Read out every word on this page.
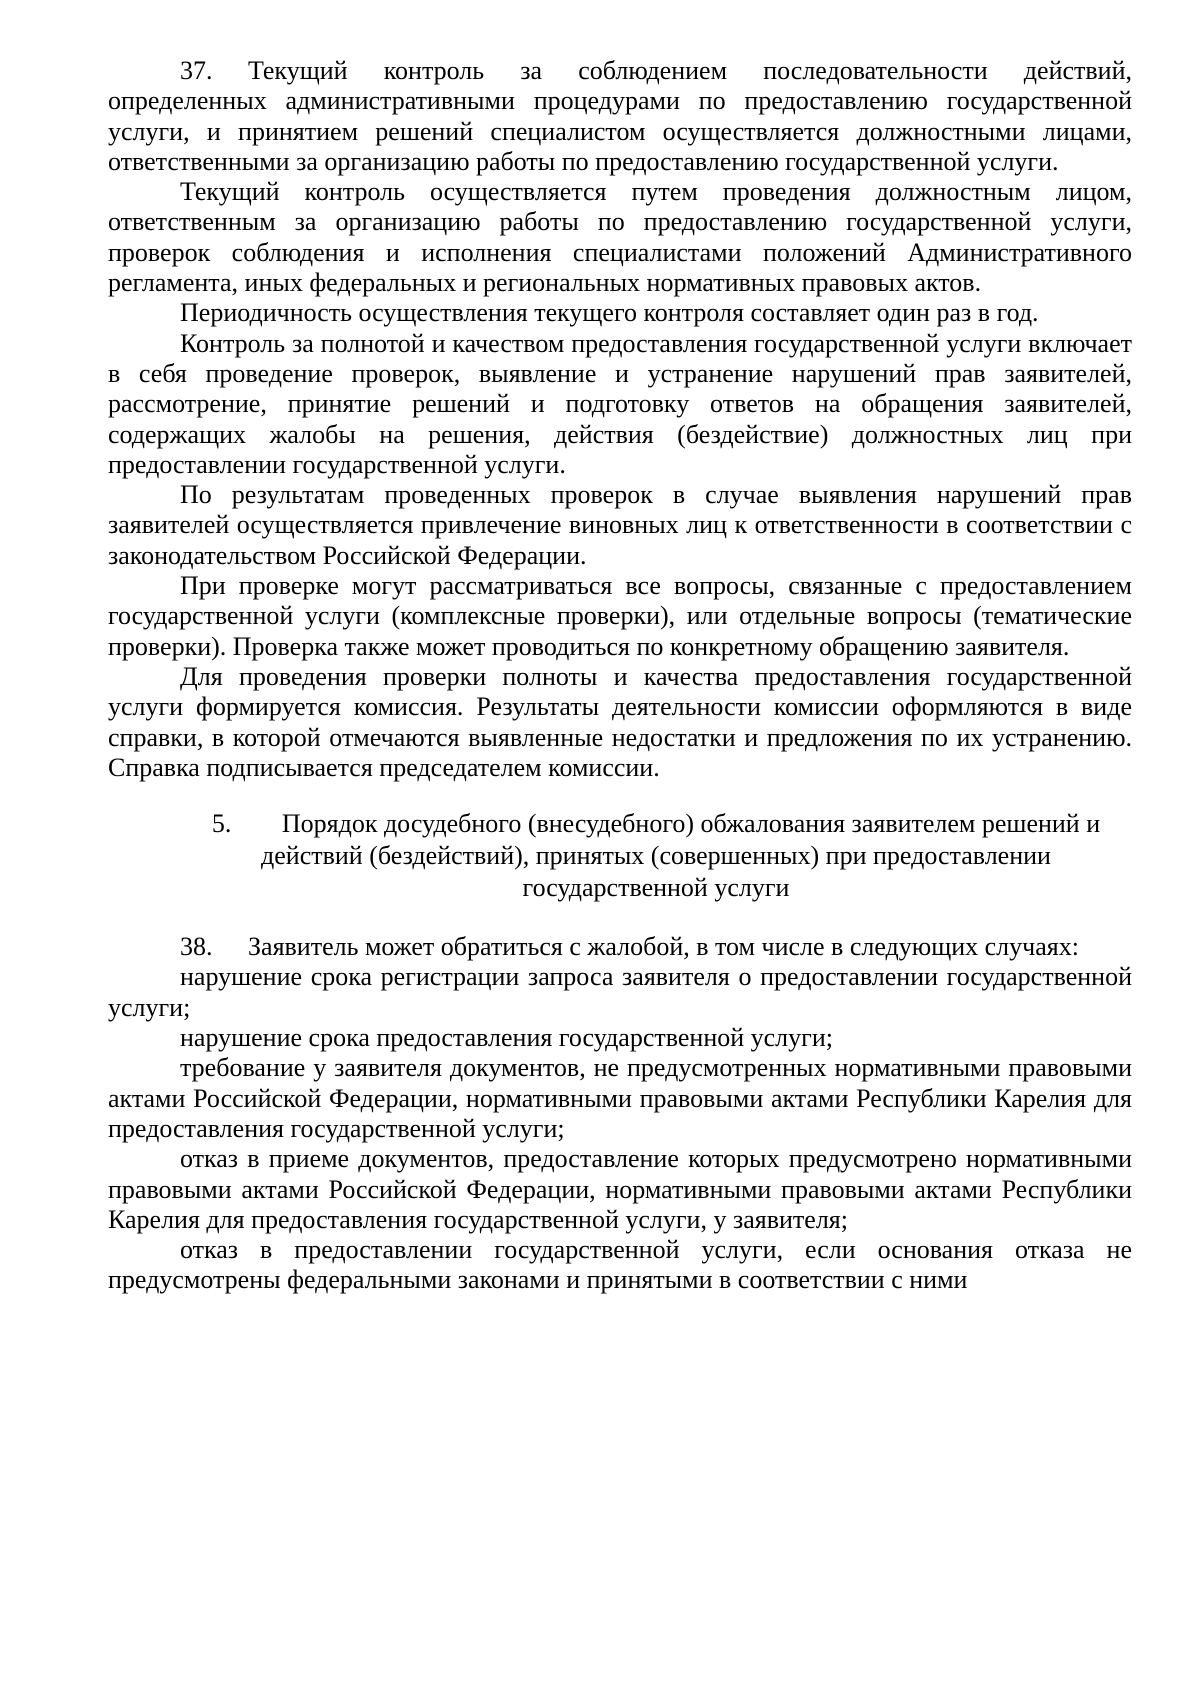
37. Текущий контроль за соблюдением последовательности действий, определенных административными процедурами по предоставлению государственной услуги, и принятием решений специалистом осуществляется должностными лицами, ответственными за организацию работы по предоставлению государственной услуги.

Текущий контроль осуществляется путем проведения должностным лицом, ответственным за организацию работы по предоставлению государственной услуги, проверок соблюдения и исполнения специалистами положений Административного регламента, иных федеральных и региональных нормативных правовых актов.

Периодичность осуществления текущего контроля составляет один раз в год.

Контроль за полнотой и качеством предоставления государственной услуги включает в себя проведение проверок, выявление и устранение нарушений прав заявителей, рассмотрение, принятие решений и подготовку ответов на обращения заявителей, содержащих жалобы на решения, действия (бездействие) должностных лиц при предоставлении государственной услуги.

По результатам проведенных проверок в случае выявления нарушений прав заявителей осуществляется привлечение виновных лиц к ответственности в соответствии с законодательством Российской Федерации.

При проверке могут рассматриваться все вопросы, связанные с предоставлением государственной услуги (комплексные проверки), или отдельные вопросы (тематические проверки). Проверка также может проводиться по конкретному обращению заявителя.

Для проведения проверки полноты и качества предоставления государственной услуги формируется комиссия. Результаты деятельности комиссии оформляются в виде справки, в которой отмечаются выявленные недостатки и предложения по их устранению. Справка подписывается председателем комиссии.

5. Порядок досудебного (внесудебного) обжалования заявителем решений и действий (бездействий), принятых (совершенных) при предоставлении государственной услуги

38. Заявитель может обратиться с жалобой, в том числе в следующих случаях:

нарушение срока регистрации запроса заявителя о предоставлении государственной услуги;

нарушение срока предоставления государственной услуги;

требование у заявителя документов, не предусмотренных нормативными правовыми актами Российской Федерации, нормативными правовыми актами Республики Карелия для предоставления государственной услуги;

отказ в приеме документов, предоставление которых предусмотрено нормативными правовыми актами Российской Федерации, нормативными правовыми актами Республики Карелия для предоставления государственной услуги, у заявителя;

отказ в предоставлении государственной услуги, если основания отказа не предусмотрены федеральными законами и принятыми в соответствии с ними
